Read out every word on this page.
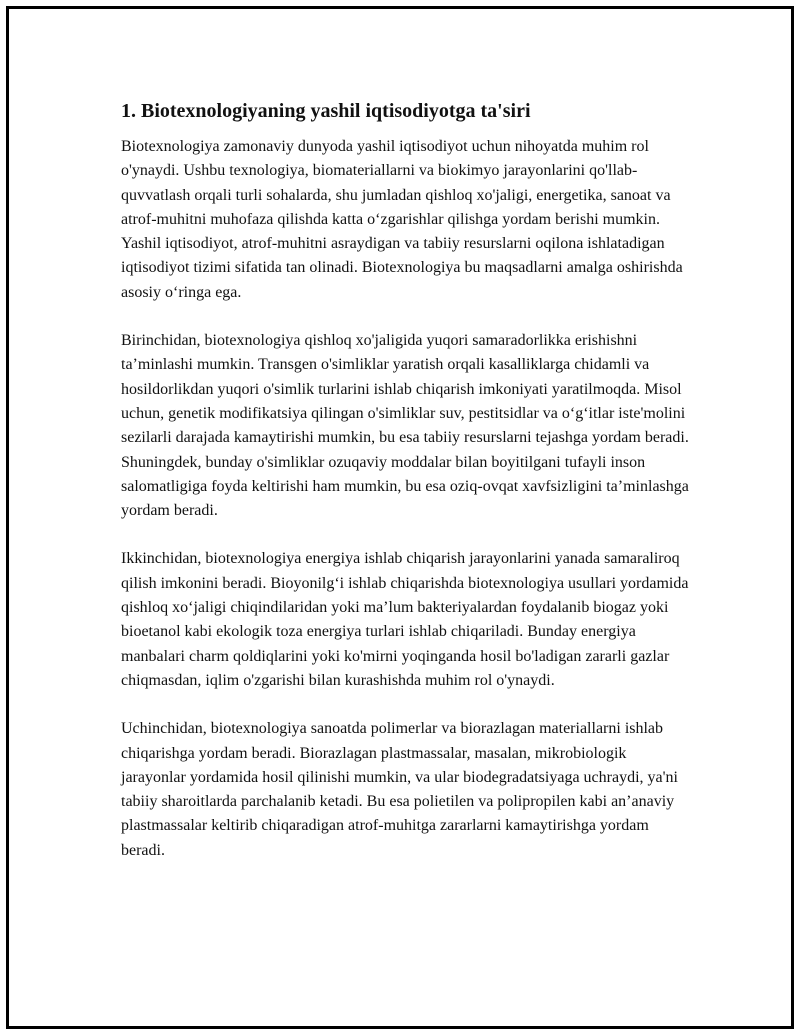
1. Biotexnologiyaning yashil iqtisodiyotga ta'siri

Biotexnologiya zamonaviy dunyoda yashil iqtisodiyot uchun nihoyatda muhim rol o'ynaydi. Ushbu texnologiya, biomateriallarni va biokimyo jarayonlarini qo'llab-quvvatlash orqali turli sohalarda, shu jumladan qishloq xo'jaligi, energetika, sanoat va atrof-muhitni muhofaza qilishda katta o‘zgarishlar qilishga yordam berishi mumkin. Yashil iqtisodiyot, atrof-muhitni asraydigan va tabiiy resurslarni oqilona ishlatadigan iqtisodiyot tizimi sifatida tan olinadi. Biotexnologiya bu maqsadlarni amalga oshirishda asosiy o‘ringa ega.

Birinchidan, biotexnologiya qishloq xo'jaligida yuqori samaradorlikka erishishni ta’minlashi mumkin. Transgen o'simliklar yaratish orqali kasalliklarga chidamli va hosildorlikdan yuqori o'simlik turlarini ishlab chiqarish imkoniyati yaratilmoqda. Misol uchun, genetik modifikatsiya qilingan o'simliklar suv, pestitsidlar va o‘g‘itlar iste'molini sezilarli darajada kamaytirishi mumkin, bu esa tabiiy resurslarni tejashga yordam beradi. Shuningdek, bunday o'simliklar ozuqaviy moddalar bilan boyitilgani tufayli inson salomatligiga foyda keltirishi ham mumkin, bu esa oziq-ovqat xavfsizligini ta’minlashga yordam beradi.

Ikkinchidan, biotexnologiya energiya ishlab chiqarish jarayonlarini yanada samaraliroq qilish imkonini beradi. Bioyonilg‘i ishlab chiqarishda biotexnologiya usullari yordamida qishloq xo‘jaligi chiqindilaridan yoki ma’lum bakteriyalardan foydalanib biogaz yoki bioetanol kabi ekologik toza energiya turlari ishlab chiqariladi. Bunday energiya manbalari charm qoldiqlarini yoki ko'mirni yoqinganda hosil bo'ladigan zararli gazlar chiqmasdan, iqlim o'zgarishi bilan kurashishda muhim rol o'ynaydi.

Uchinchidan, biotexnologiya sanoatda polimerlar va biorazlagan materiallarni ishlab chiqarishga yordam beradi. Biorazlagan plastmassalar, masalan, mikrobiologik jarayonlar yordamida hosil qilinishi mumkin, va ular biodegradatsiyaga uchraydi, ya'ni tabiiy sharoitlarda parchalanib ketadi. Bu esa polietilen va polipropilen kabi an’anaviy plastmassalar keltirib chiqaradigan atrof-muhitga zararlarni kamaytirishga yordam beradi.
